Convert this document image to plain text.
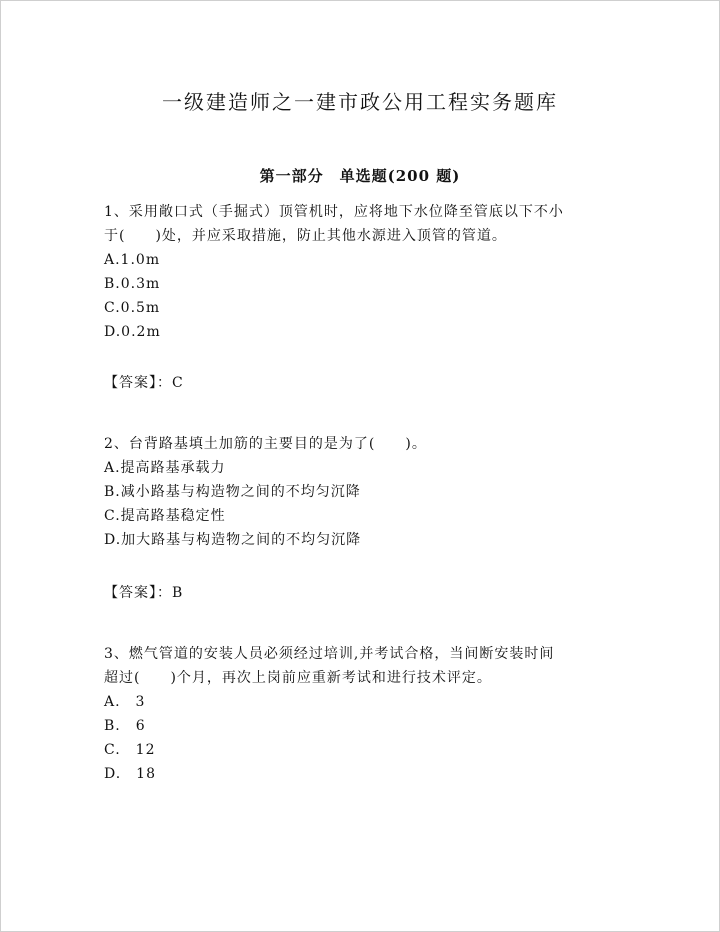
一级建造师之一建市政公用工程实务题库
第一部分　单选题(200 题)

1、采用敞口式（手掘式）顶管机时，应将地下水位降至管底以下不小

于(　　)处，并应采取措施，防止其他水源进入顶管的管道。

A.1.0m

B.0.3m

C.0.5m

D.0.2m

【答案】：C

2、台背路基填土加筋的主要目的是为了(　　)。

A.提高路基承载力

B.减小路基与构造物之间的不均匀沉降

C.提高路基稳定性

D.加大路基与构造物之间的不均匀沉降

【答案】：B

3、燃气管道的安装人员必须经过培训,并考试合格，当间断安装时间

超过(　　)个月，再次上岗前应重新考试和进行技术评定。

A.　3

B.　6

C.　12

D.　18
